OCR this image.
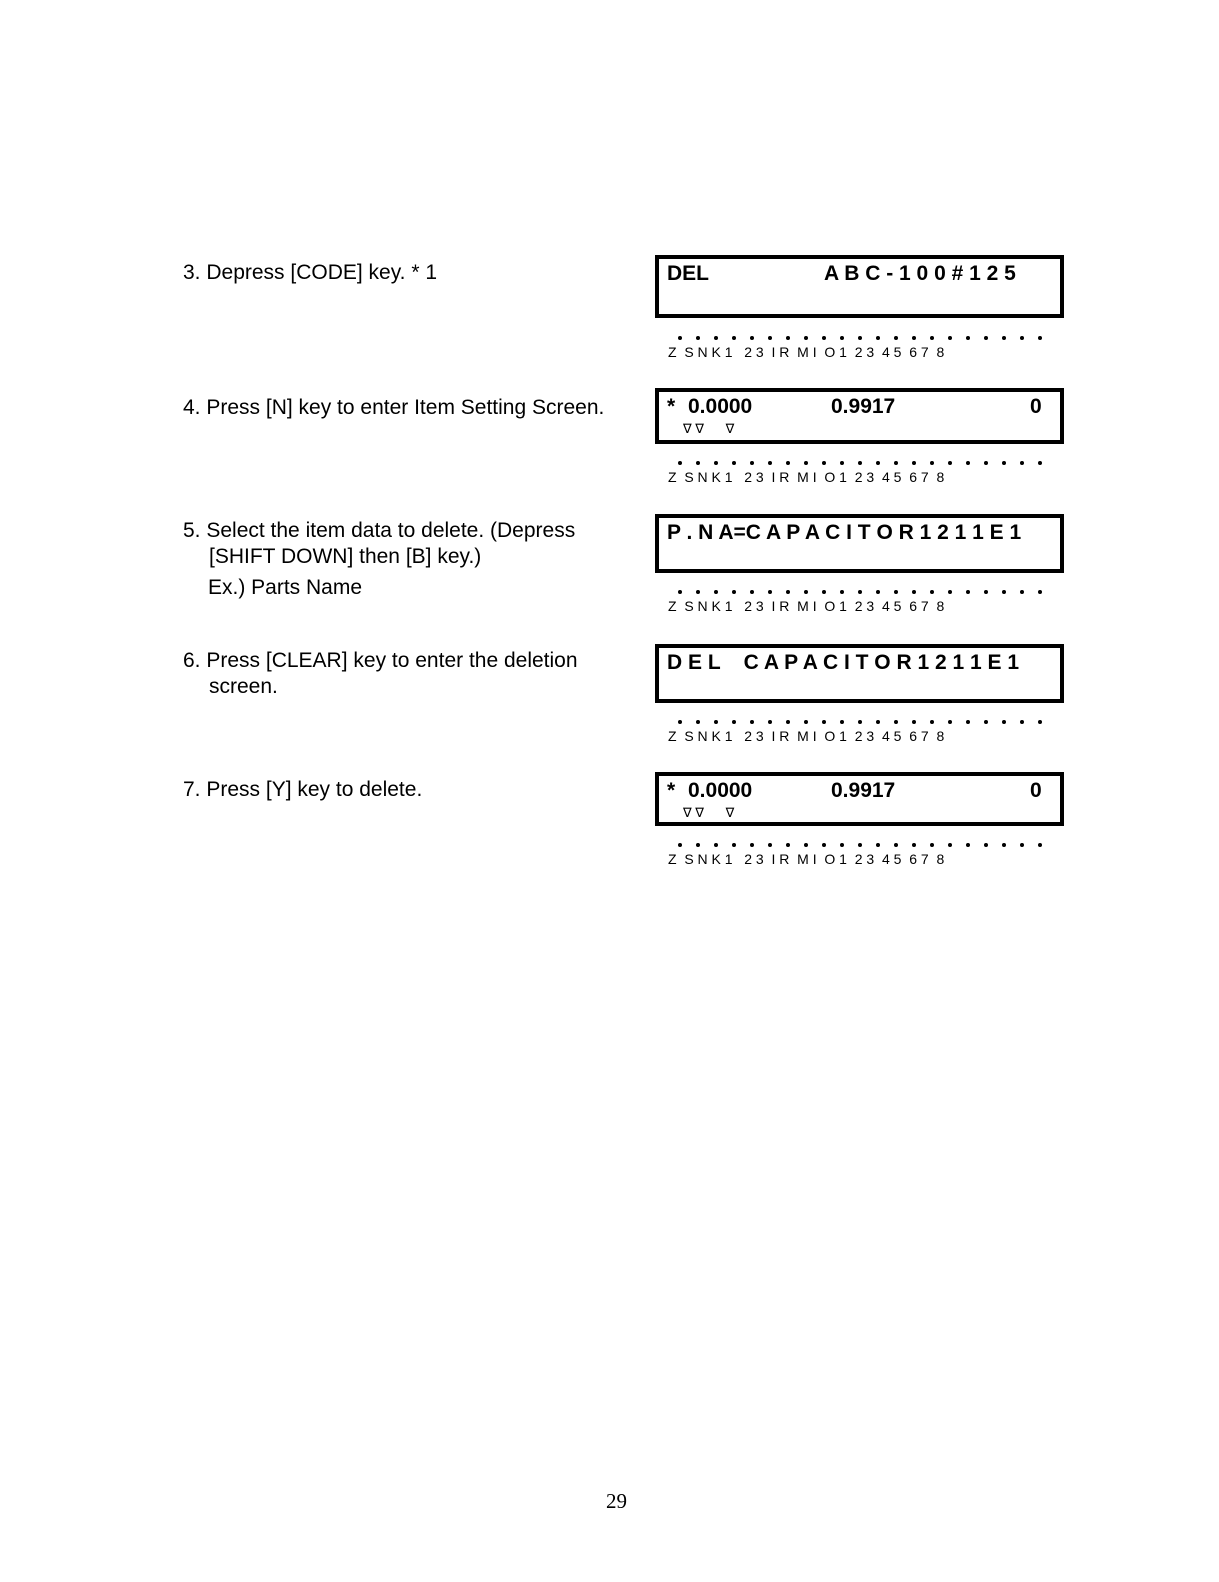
3. Depress [CODE] key. * 1	DEL	A B C - 1 0 0 # 1 2 5
Z  S N K 1   2 3  I R  M I  O 1  2 3  4 5  6 7  8
4. Press [N] key to enter Item Setting Screen.	* 0.0000	0.9917	0
∇ ∇      ∇
Z  S N K 1   2 3  I R  M I  O 1  2 3  4 5  6 7  8
5. Select the item data to delete. (Depress
[SHIFT DOWN] then [B] key.)
Ex.) Parts Name
P . N A=C A P A C I T O R 1 2 1 1 E 1
Z  S N K 1   2 3  I R  M I  O 1  2 3  4 5  6 7  8
6. Press [CLEAR] key to enter the deletion
screen.
D E L    C A P A C I T O R 1 2 1 1 E 1
Z  S N K 1   2 3  I R  M I  O 1  2 3  4 5  6 7  8
7. Press [Y] key to delete.	* 0.0000	0.9917	0
∇ ∇      ∇
Z  S N K 1   2 3  I R  M I  O 1  2 3  4 5  6 7  8
29
